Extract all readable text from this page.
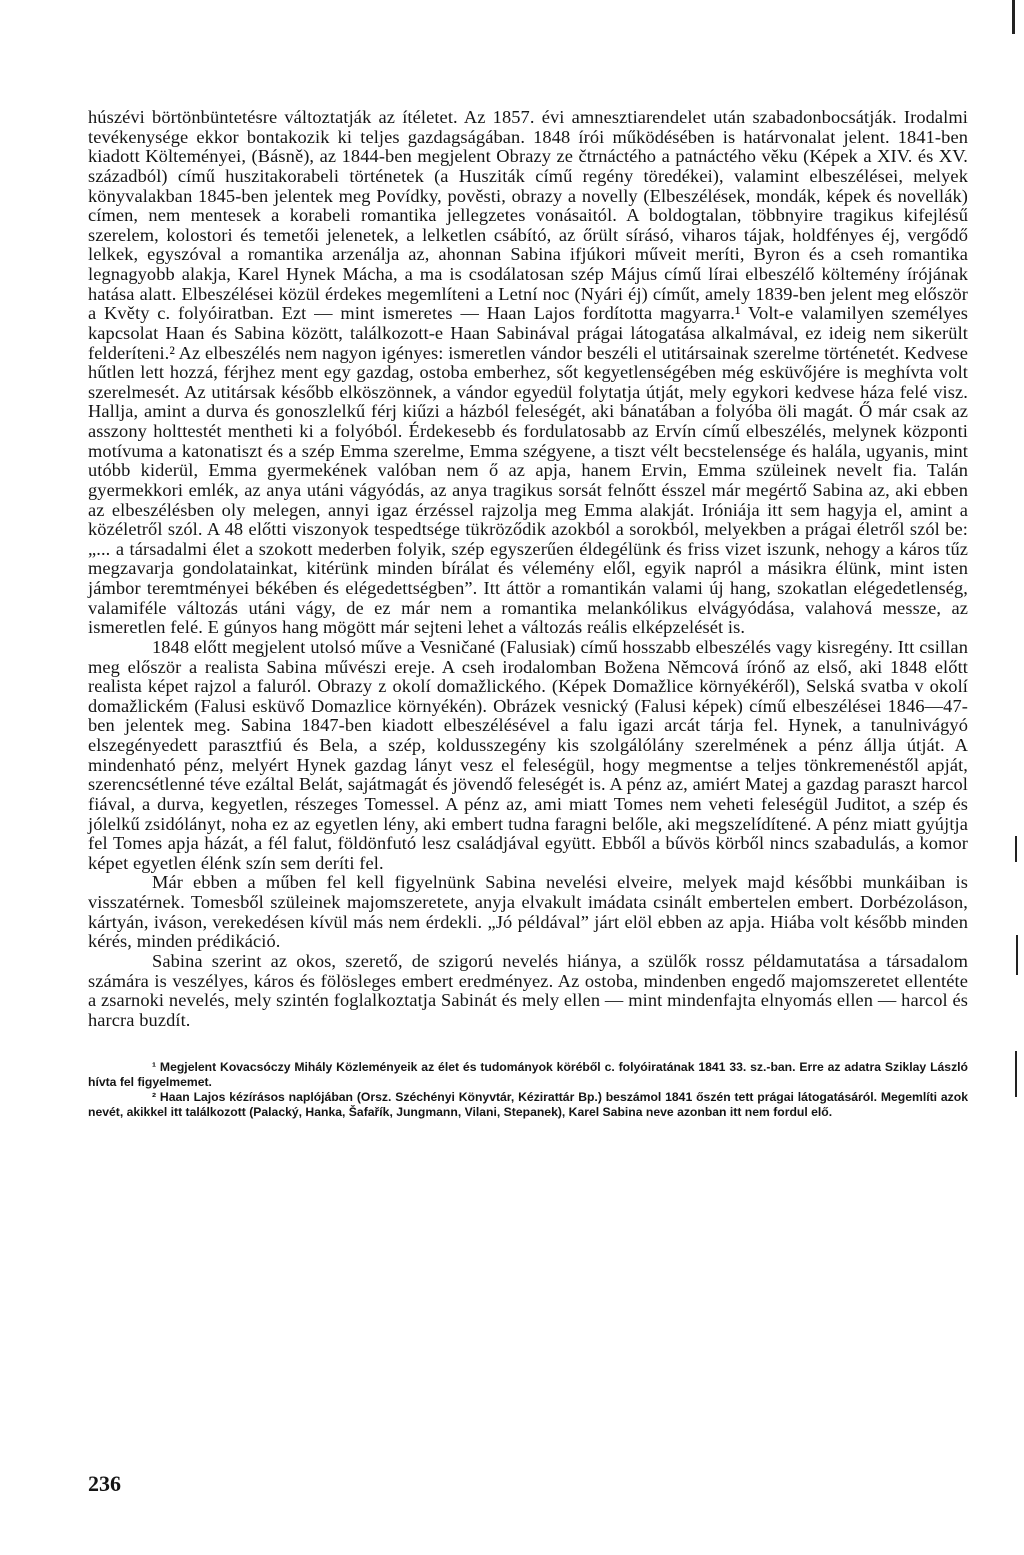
húszévi börtönbüntetésre változtatják az ítéletet. Az 1857. évi amnesztiarendelet után szabadonbocsátják. Irodalmi tevékenysége ekkor bontakozik ki teljes gazdagságában. 1848 írói működésében is határvonalat jelent. 1841-ben kiadott Költeményei, (Básně), az 1844-ben megjelent Obrazy ze čtrnáctého a patnáctého věku (Képek a XIV. és XV. századból) című huszitakorabeli történetek (a Husziták című regény töredékei), valamint elbeszélései, melyek könyvalakban 1845-ben jelentek meg Povídky, pověsti, obrazy a novelly (Elbeszélések, mondák, képek és novellák) címen, nem mentesek a korabeli romantika jellegzetes vonásaitól. A boldogtalan, többnyire tragikus kifejlésű szerelem, kolostori és temetői jelenetek, a lelketlen csábító, az őrült sírásó, viharos tájak, holdfényes éj, vergődő lelkek, egyszóval a romantika arzenálja az, ahonnan Sabina ifjúkori műveit meríti, Byron és a cseh romantika legnagyobb alakja, Karel Hynek Mácha, a ma is csodálatosan szép Május című lírai elbeszélő költemény írójának hatása alatt. Elbeszélései közül érdekes megemlíteni a Letní noc (Nyári éj) címűt, amely 1839-ben jelent meg először a Květy c. folyóiratban. Ezt — mint ismeretes — Haan Lajos fordította magyarra.¹ Volt-e valamilyen személyes kapcsolat Haan és Sabina között, találkozott-e Haan Sabinával prágai látogatása alkalmával, ez ideig nem sikerült felderíteni.² Az elbeszélés nem nagyon igényes: ismeretlen vándor beszéli el utitársainak szerelme történetét. Kedvese hűtlen lett hozzá, férjhez ment egy gazdag, ostoba emberhez, sőt kegyetlenségében még esküvőjére is meghívta volt szerelmesét. Az utitársak később elköszönnek, a vándor egyedül folytatja útját, mely egykori kedvese háza felé visz. Hallja, amint a durva és gonoszlelkű férj kiűzi a házból feleségét, aki bánatában a folyóba öli magát. Ő már csak az asszony holttestét mentheti ki a folyóból. Érdekesebb és fordulatosabb az Ervín című elbeszélés, melynek központi motívuma a katonatiszt és a szép Emma szerelme, Emma szégyene, a tiszt vélt becstelensége és halála, ugyanis, mint utóbb kiderül, Emma gyermekének valóban nem ő az apja, hanem Ervin, Emma szüleinek nevelt fia. Talán gyermekkori emlék, az anya utáni vágyódás, az anya tragikus sorsát felnőtt ésszel már megértő Sabina az, aki ebben az elbeszélésben oly melegen, annyi igaz érzéssel rajzolja meg Emma alakját. Iróniája itt sem hagyja el, amint a közéletről szól. A 48 előtti viszonyok tespedtsége tükröződik azokból a sorokból, melyekben a prágai életről szól be: „... a társadalmi élet a szokott mederben folyik, szép egyszerűen éldegélünk és friss vizet iszunk, nehogy a káros tűz megzavarja gondolatainkat, kitérünk minden bírálat és vélemény elől, egyik napról a másikra élünk, mint isten jámbor teremtményei békében és elégedettségben”. Itt áttör a romantikán valami új hang, szokatlan elégedetlenség, valamiféle változás utáni vágy, de ez már nem a romantika melankólikus elvágyódása, valahová messze, az ismeretlen felé. E gúnyos hang mögött már sejteni lehet a változás reális elképzelését is.

1848 előtt megjelent utolsó műve a Vesničané (Falusiak) című hosszabb elbeszélés vagy kisregény. Itt csillan meg először a realista Sabina művészi ereje. A cseh irodalomban Božena Němcová írónő az első, aki 1848 előtt realista képet rajzol a faluról. Obrazy z okolí domažlického. (Képek Domažlice környékéről), Selská svatba v okolí domažlickém (Falusi esküvő Domazlice környékén). Obrázek vesnický (Falusi képek) című elbeszélései 1846—47-ben jelentek meg. Sabina 1847-ben kiadott elbeszélésével a falu igazi arcát tárja fel. Hynek, a tanulnivágyó elszegényedett parasztfiú és Bela, a szép, koldusszegény kis szolgálólány szerelmének a pénz állja útját. A mindenható pénz, melyért Hynek gazdag lányt vesz el feleségül, hogy megmentse a teljes tönkremenéstől apját, szerencsétlenné téve ezáltal Belát, sajátmagát és jövendő feleségét is. A pénz az, amiért Matej a gazdag paraszt harcol fiával, a durva, kegyetlen, részeges Tomessel. A pénz az, ami miatt Tomes nem veheti feleségül Juditot, a szép és jólelkű zsidólányt, noha ez az egyetlen lény, aki embert tudna faragni belőle, aki megszelídítené. A pénz miatt gyújtja fel Tomes apja házát, a fél falut, földönfutó lesz családjával együtt. Ebből a bűvös körből nincs szabadulás, a komor képet egyetlen élénk szín sem deríti fel.

Már ebben a műben fel kell figyelnünk Sabina nevelési elveire, melyek majd későbbi munkáiban is visszatérnek. Tomesből szüleinek majomszeretete, anyja elvakult imádata csinált embertelen embert. Dorbézoláson, kártyán, iváson, verekedésen kívül más nem érdekli. „Jó példával” járt elöl ebben az apja. Hiába volt később minden kérés, minden prédikáció.

Sabina szerint az okos, szerető, de szigorú nevelés hiánya, a szülők rossz példamutatása a társadalom számára is veszélyes, káros és fölösleges embert eredményez. Az ostoba, mindenben engedő majomszeretet ellentéte a zsarnoki nevelés, mely szintén foglalkoztatja Sabinát és mely ellen — mint mindenfajta elnyomás ellen — harcol és harcra buzdít.

¹ Megjelent Kovacsóczy Mihály Közleményeik az élet és tudományok köréből c. folyóiratának 1841 33. sz.-ban. Erre az adatra Sziklay László hívta fel figyelmemet.

² Haan Lajos kézírásos naplójában (Orsz. Széchényi Könyvtár, Kézirattár Bp.) beszámol 1841 őszén tett prágai látogatásáról. Megemlíti azok nevét, akikkel itt találkozott (Palacký, Hanka, Šafařík, Jungmann, Vilani, Stepanek), Karel Sabina neve azonban itt nem fordul elő.

236
